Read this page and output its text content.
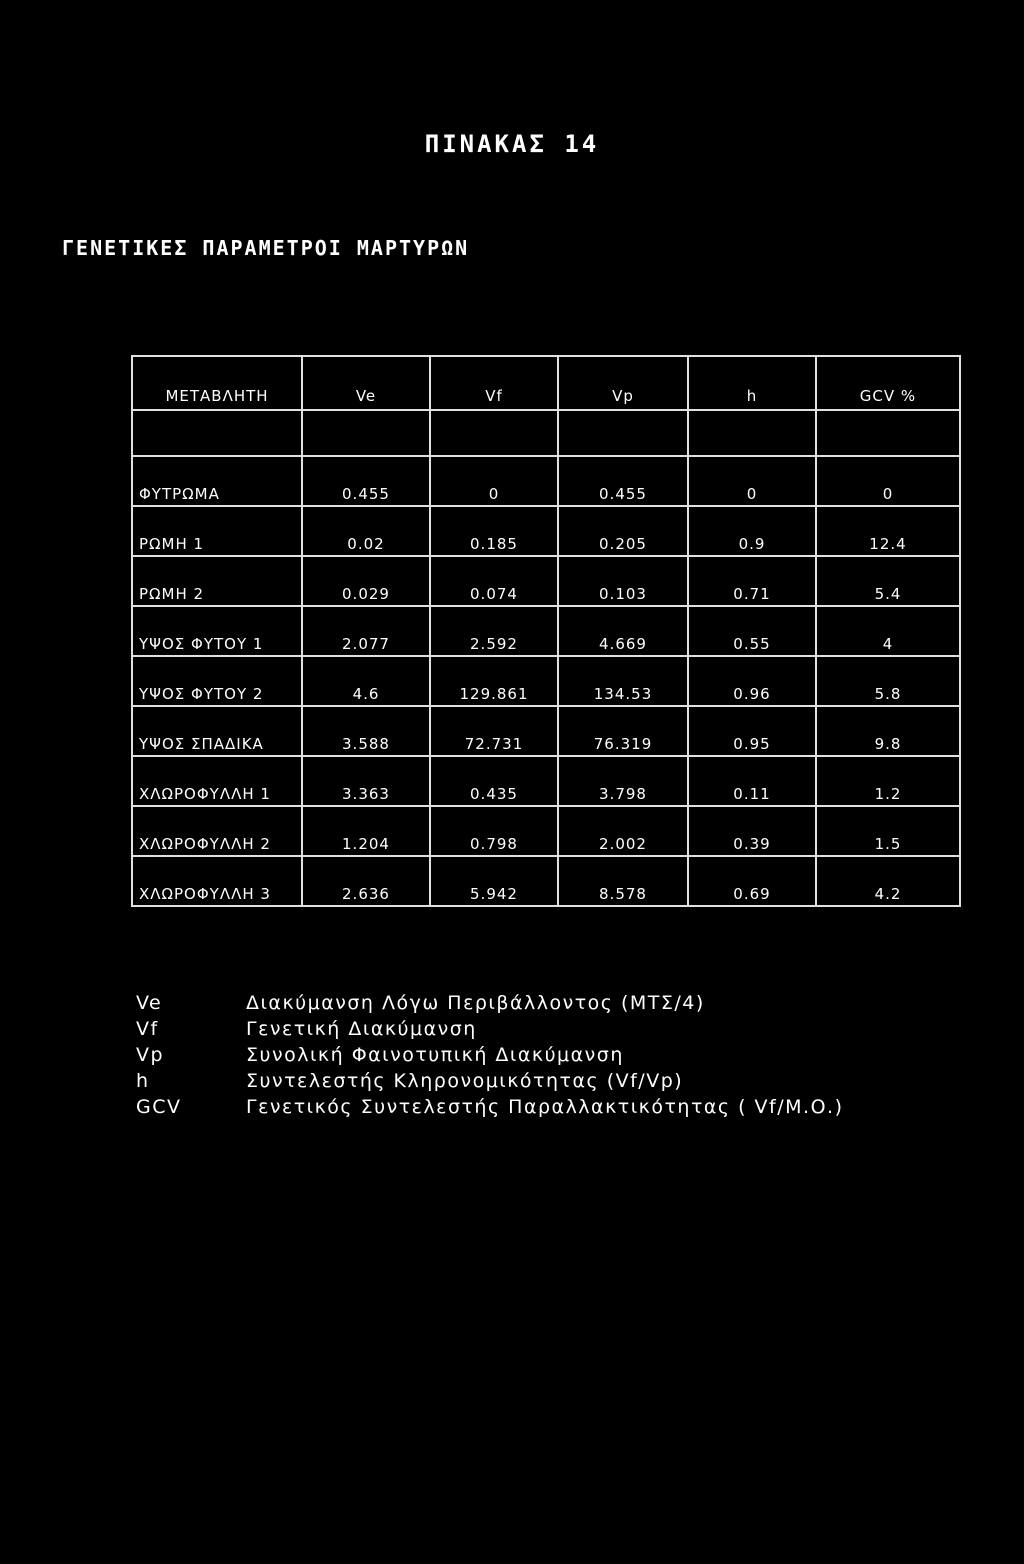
ΠΙΝΑΚΑΣ 14
ΓΕΝΕΤΙΚΕΣ ΠΑΡΑΜΕΤΡΟΙ ΜΑΡΤΥΡΩΝ
ΜΕΤΑΒΛΗΤΗ	Ve	Vf	Vp	h	GCV %

ΦΥΤΡΩΜΑ	0.455	0	0.455	0	0
ΡΩΜΗ 1	0.02	0.185	0.205	0.9	12.4
ΡΩΜΗ 2	0.029	0.074	0.103	0.71	5.4
ΥΨΟΣ ΦΥΤΟΥ 1	2.077	2.592	4.669	0.55	4
ΥΨΟΣ ΦΥΤΟΥ 2	4.6	129.861	134.53	0.96	5.8
ΥΨΟΣ ΣΠΑΔΙΚΑ	3.588	72.731	76.319	0.95	9.8
ΧΛΩΡΟΦΥΛΛΗ 1	3.363	0.435	3.798	0.11	1.2
ΧΛΩΡΟΦΥΛΛΗ 2	1.204	0.798	2.002	0.39	1.5
ΧΛΩΡΟΦΥΛΛΗ 3	2.636	5.942	8.578	0.69	4.2
Ve	Διακύμανση Λόγω Περιβάλλοντος (ΜΤΣ/4)
Vf	Γενετική Διακύμανση
Vp	Συνολική Φαινοτυπική Διακύμανση
h	Συντελεστής Κληρονομικότητας (Vf/Vp)
GCV	Γενετικός Συντελεστής Παραλλακτικότητας ( Vf/Μ.Ο.)
